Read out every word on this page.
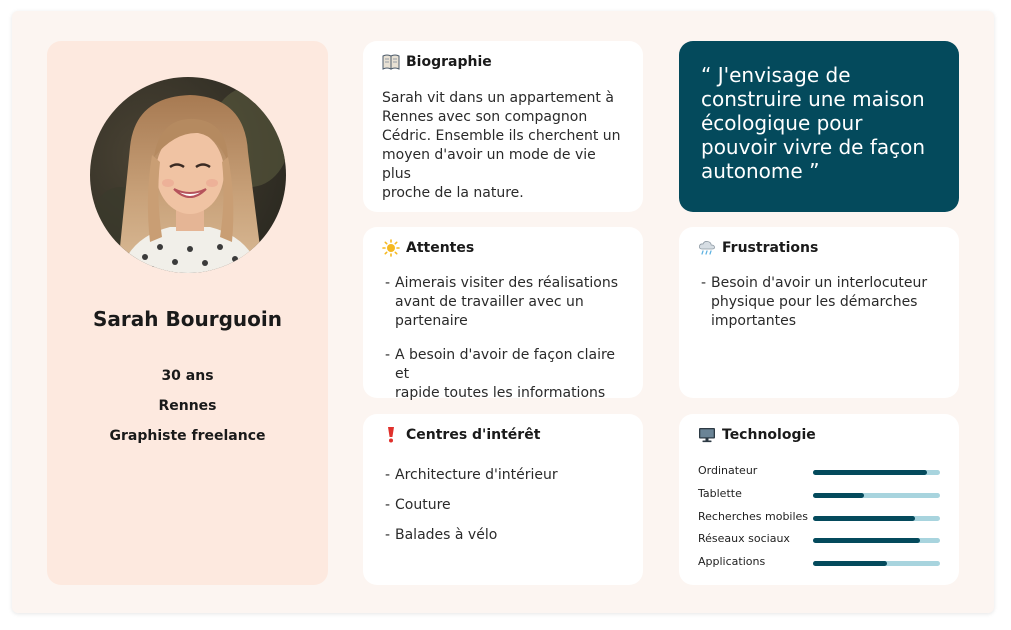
Sarah Bourguoin
30 ans
Rennes
Graphiste freelance
Biographie
Sarah vit dans un appartement à
Rennes avec son compagnon
Cédric. Ensemble ils cherchent un
moyen d'avoir un mode de vie plus
proche de la nature.
“ J'envisage de
construire une maison
écologique pour
pouvoir vivre de façon
autonome ”
Attentes
- Aimerais visiter des réalisations
avant de travailler avec un
partenaire
- A besoin d'avoir de façon claire et
rapide toutes les informations
Frustrations
- Besoin d'avoir un interlocuteur
physique pour les démarches
importantes
Centres d'intérêt
- Architecture d'intérieur
- Couture
- Balades à vélo
Technologie
Ordinateur
Tablette
Recherches mobiles
Réseaux sociaux
Applications
